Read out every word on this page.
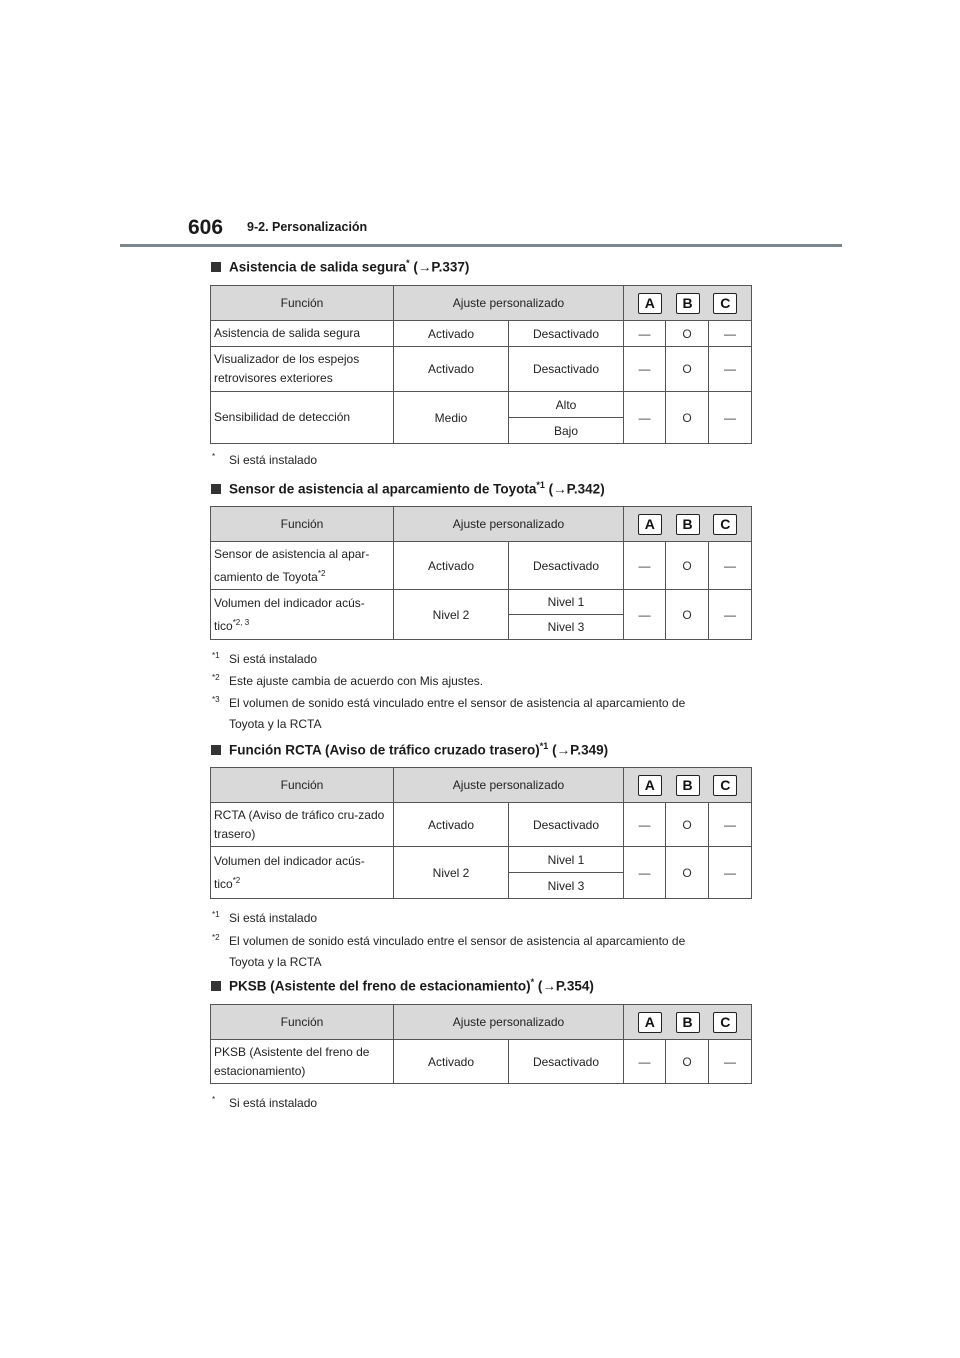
606 9-2. Personalización
Asistencia de salida segura* (→P.337)
Función	Ajuste personalizado		A B C		

Asistencia de salida segura	Activado	Desactivado	—	O	—
Visualizador de los espejos retrovisores exteriores	Activado	Desactivado	—	O	—
Sensibilidad de detección	Medio	Alto	—	O	—
		Bajo			
* Si está instalado
Sensor de asistencia al aparcamiento de Toyota$^{*1}$ (→P.342)
Función	Ajuste personalizado		A B C		

Sensor de asistencia al apar-camiento de Toyota$^{*2}$	Activado	Desactivado	—	O	—
Volumen del indicador acús-tico$^{*2, 3}$	Nivel 2	Nivel 1	—	O	—
		Nivel 3			
*1 Si está instalado
*2 Este ajuste cambia de acuerdo con Mis ajustes.
*3 El volumen de sonido está vinculado entre el sensor de asistencia al aparcamiento de
Toyota y la RCTA
Función RCTA (Aviso de tráfico cruzado trasero)$^{*1}$ (→P.349)
Función	Ajuste personalizado		A B C		

RCTA (Aviso de tráfico cru-zado trasero)	Activado	Desactivado	—	O	—
Volumen del indicador acús-tico$^{*2}$	Nivel 2	Nivel 1	—	O	—
		Nivel 3			
*1 Si está instalado
*2 El volumen de sonido está vinculado entre el sensor de asistencia al aparcamiento de
Toyota y la RCTA
PKSB (Asistente del freno de estacionamiento)* (→P.354)
Función	Ajuste personalizado		A B C		

PKSB (Asistente del freno de estacionamiento)	Activado	Desactivado	—	O	—
* Si está instalado
